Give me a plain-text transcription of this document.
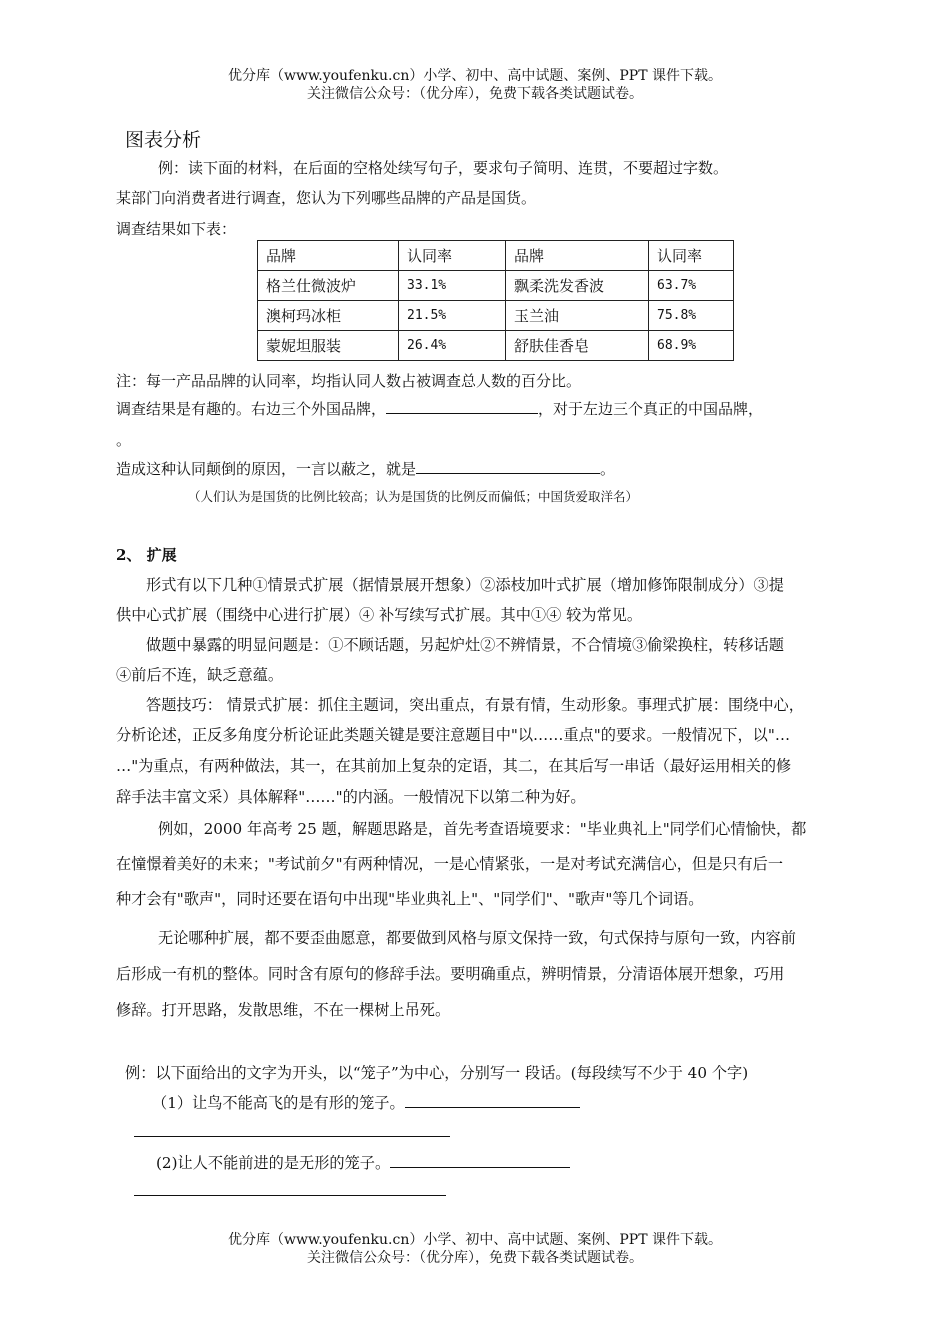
优分库（www.youfenku.cn）小学、初中、高中试题、案例、PPT 课件下载。
关注微信公众号：（优分库），免费下载各类试题试卷。
图表分析
例：读下面的材料，在后面的空格处续写句子，要求句子简明、连贯，不要超过字数。
某部门向消费者进行调查，您认为下列哪些品牌的产品是国货。
调查结果如下表：
品牌	认同率	品牌	认同率
格兰仕微波炉	33.1%	飘柔洗发香波	63.7%
澳柯玛冰柜	21.5%	玉兰油	75.8%
蒙妮坦服装	26.4%	舒肤佳香皂	68.9%
注：每一产品品牌的认同率，均指认同人数占被调查总人数的百分比。
调查结果是有趣的。右边三个外国品牌，	，对于左边三个真正的中国品牌，
。
造成这种认同颠倒的原因，一言以蔽之，就是	。
（人们认为是国货的比例比较高；认为是国货的比例反而偏低；中国货爱取洋名）
2、 扩展
形式有以下几种①情景式扩展（据情景展开想象）②添枝加叶式扩展（增加修饰限制成分）③提
供中心式扩展（围绕中心进行扩展）④ 补写续写式扩展。其中①④ 较为常见。
做题中暴露的明显问题是：①不顾话题，另起炉灶②不辨情景，不合情境③偷梁换柱，转移话题
④前后不连，缺乏意蕴。
答题技巧： 情景式扩展：抓住主题词，突出重点，有景有情，生动形象。事理式扩展：围绕中心，
分析论述，正反多角度分析论证此类题关键是要注意题目中"以……重点"的要求。一般情况下，以"…
…"为重点，有两种做法，其一，在其前加上复杂的定语，其二，在其后写一串话（最好运用相关的修
辞手法丰富文采）具体解释"……"的内涵。一般情况下以第二种为好。
例如，2000 年高考 25 题，解题思路是，首先考查语境要求："毕业典礼上"同学们心情愉快，都
在憧憬着美好的未来；"考试前夕"有两种情况，一是心情紧张，一是对考试充满信心，但是只有后一
种才会有"歌声"，同时还要在语句中出现"毕业典礼上"、"同学们"、"歌声"等几个词语。
无论哪种扩展，都不要歪曲愿意，都要做到风格与原文保持一致，句式保持与原句一致，内容前
后形成一有机的整体。同时含有原句的修辞手法。要明确重点，辨明情景，分清语体展开想象，巧用
修辞。打开思路，发散思维，不在一棵树上吊死。
例：以下面给出的文字为开头，以“笼子”为中心，分别写一 段话。(每段续写不少于 40 个字)
（1）让鸟不能高飞的是有形的笼子。
(2)让人不能前进的是无形的笼子。
优分库（www.youfenku.cn）小学、初中、高中试题、案例、PPT 课件下载。
关注微信公众号：（优分库），免费下载各类试题试卷。
